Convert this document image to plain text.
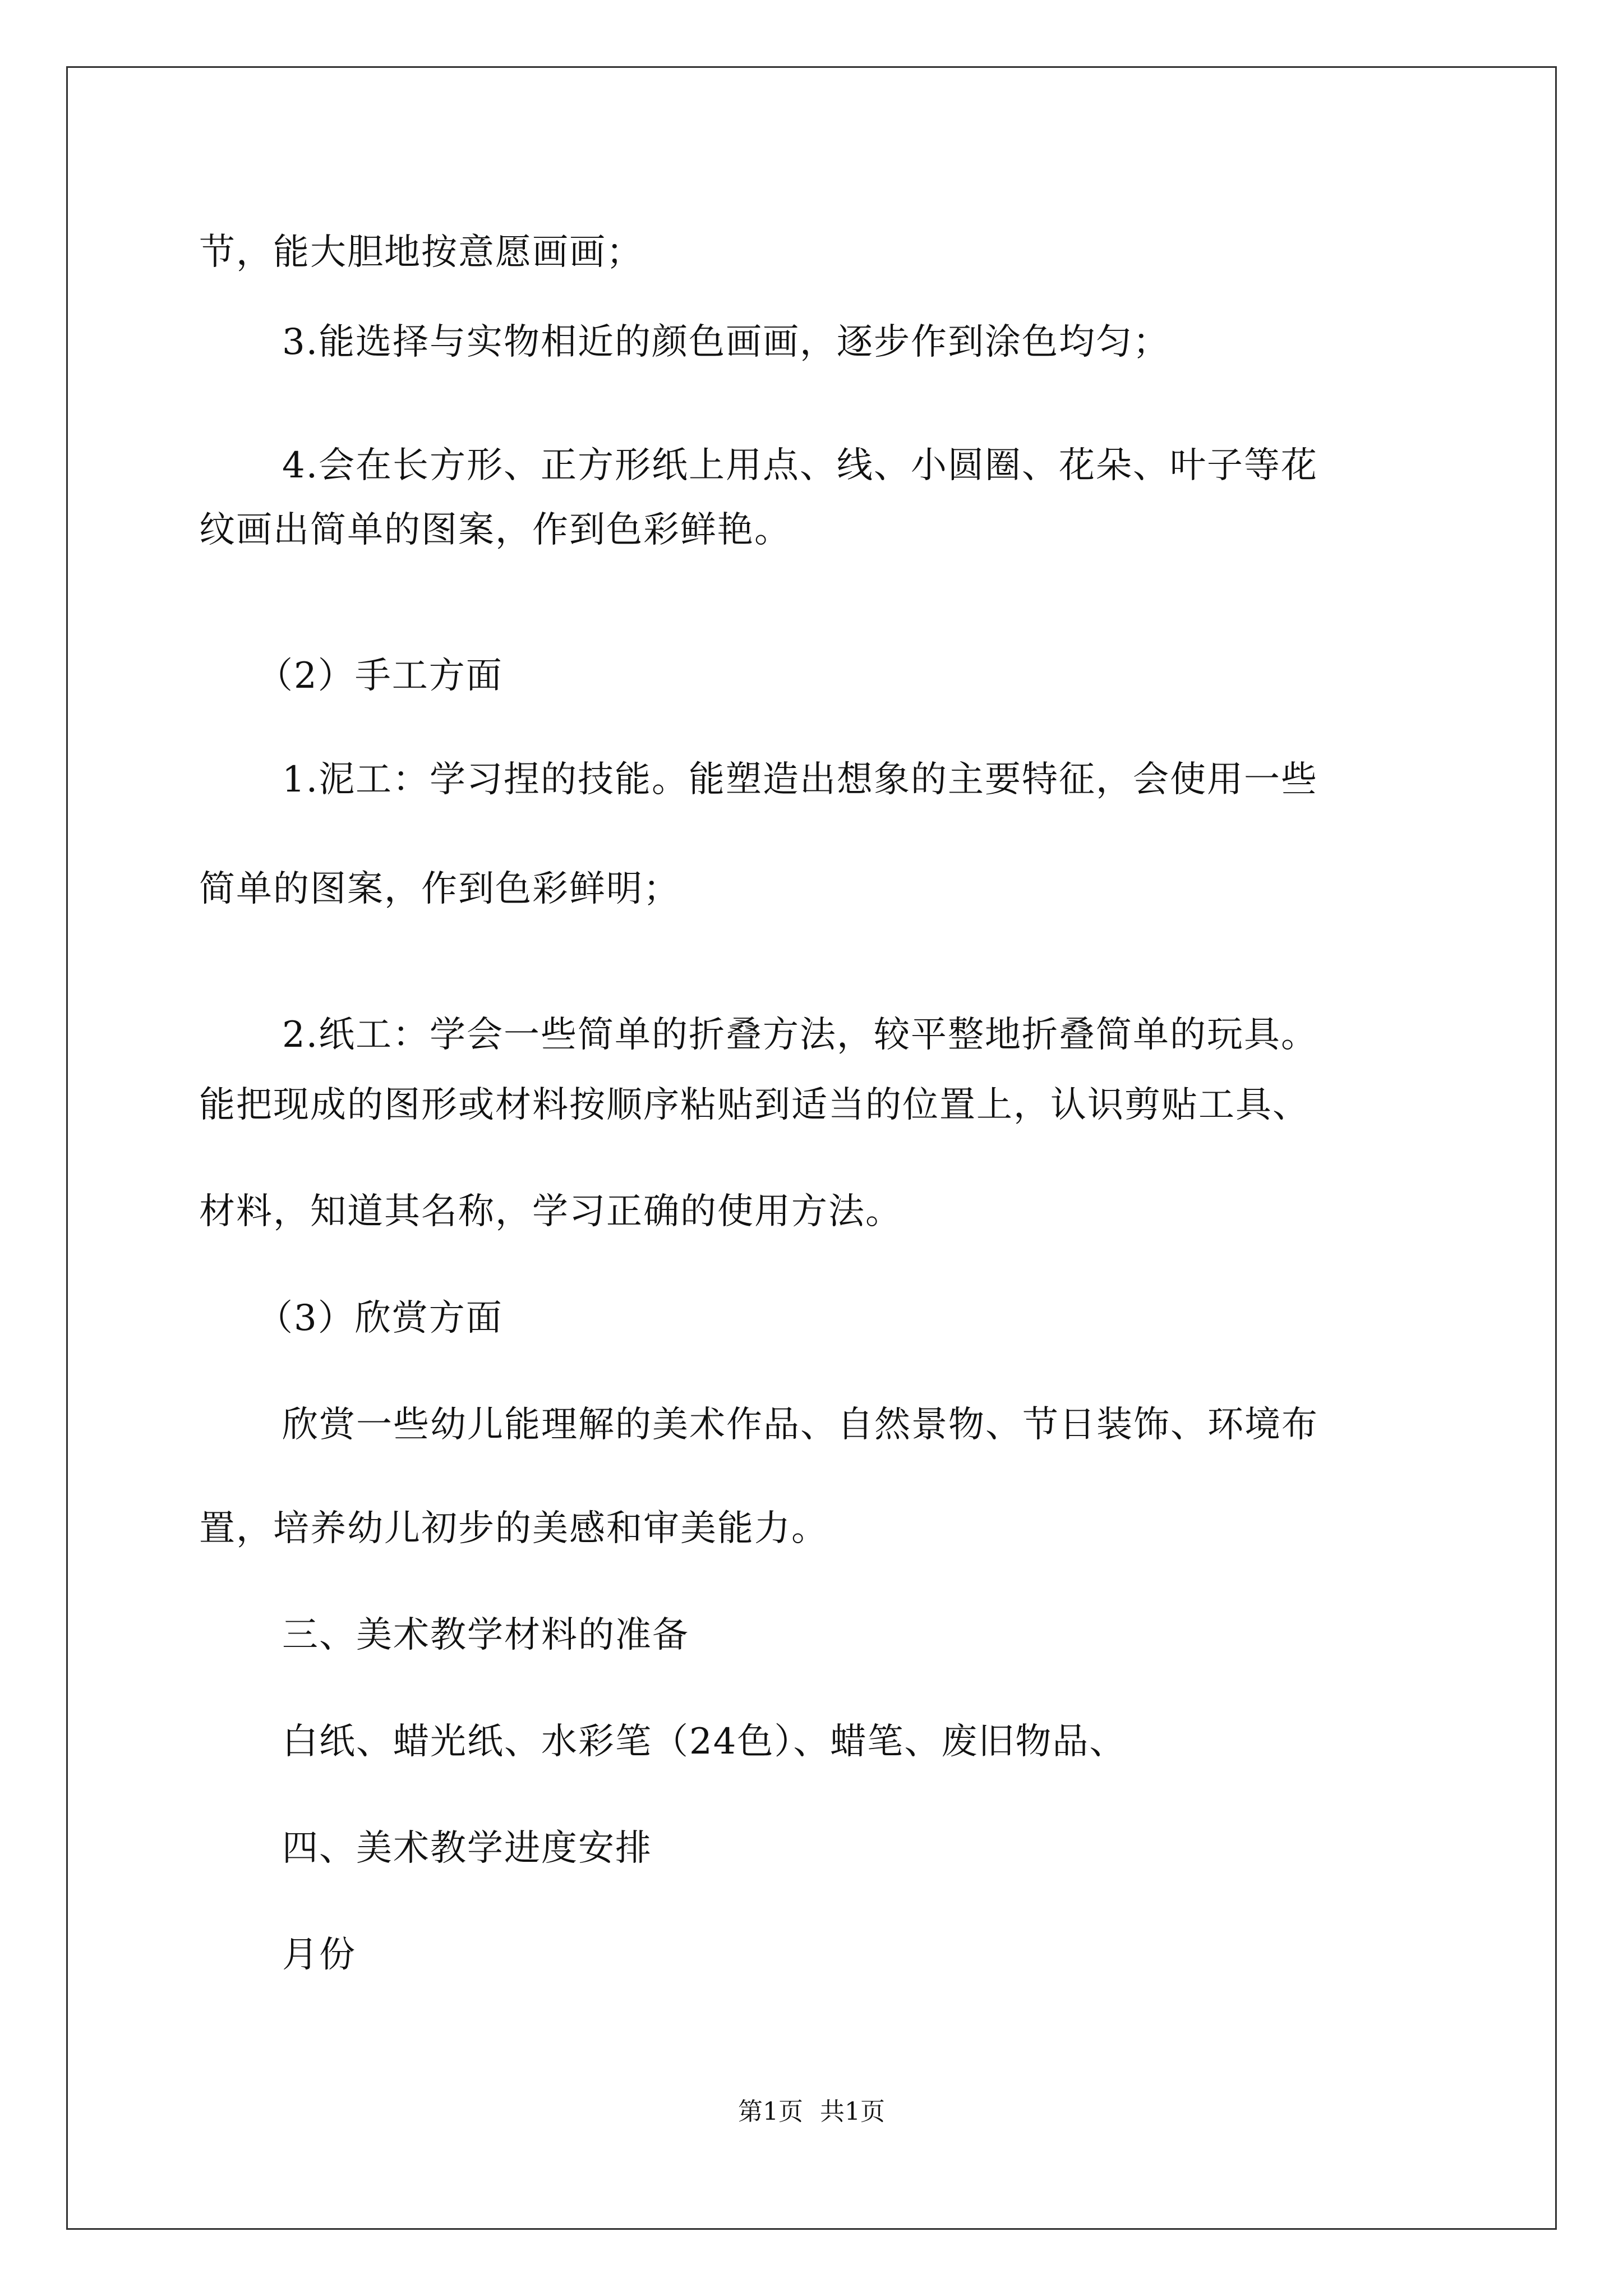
节，能大胆地按意愿画画；
3.能选择与实物相近的颜色画画，逐步作到涂色均匀；
4.会在长方形、正方形纸上用点、线、小圆圈、花朵、叶子等花
纹画出简单的图案，作到色彩鲜艳。
（2）手工方面
1.泥工：学习捏的技能。能塑造出想象的主要特征，会使用一些
简单的图案，作到色彩鲜明；
2.纸工：学会一些简单的折叠方法，较平整地折叠简单的玩具。
能把现成的图形或材料按顺序粘贴到适当的位置上，认识剪贴工具、
材料，知道其名称，学习正确的使用方法。
（3）欣赏方面
欣赏一些幼儿能理解的美术作品、自然景物、节日装饰、环境布
置，培养幼儿初步的美感和审美能力。
三、美术教学材料的准备
白纸、蜡光纸、水彩笔（24色）、蜡笔、废旧物品、
四、美术教学进度安排
月份
第1页 共1页
